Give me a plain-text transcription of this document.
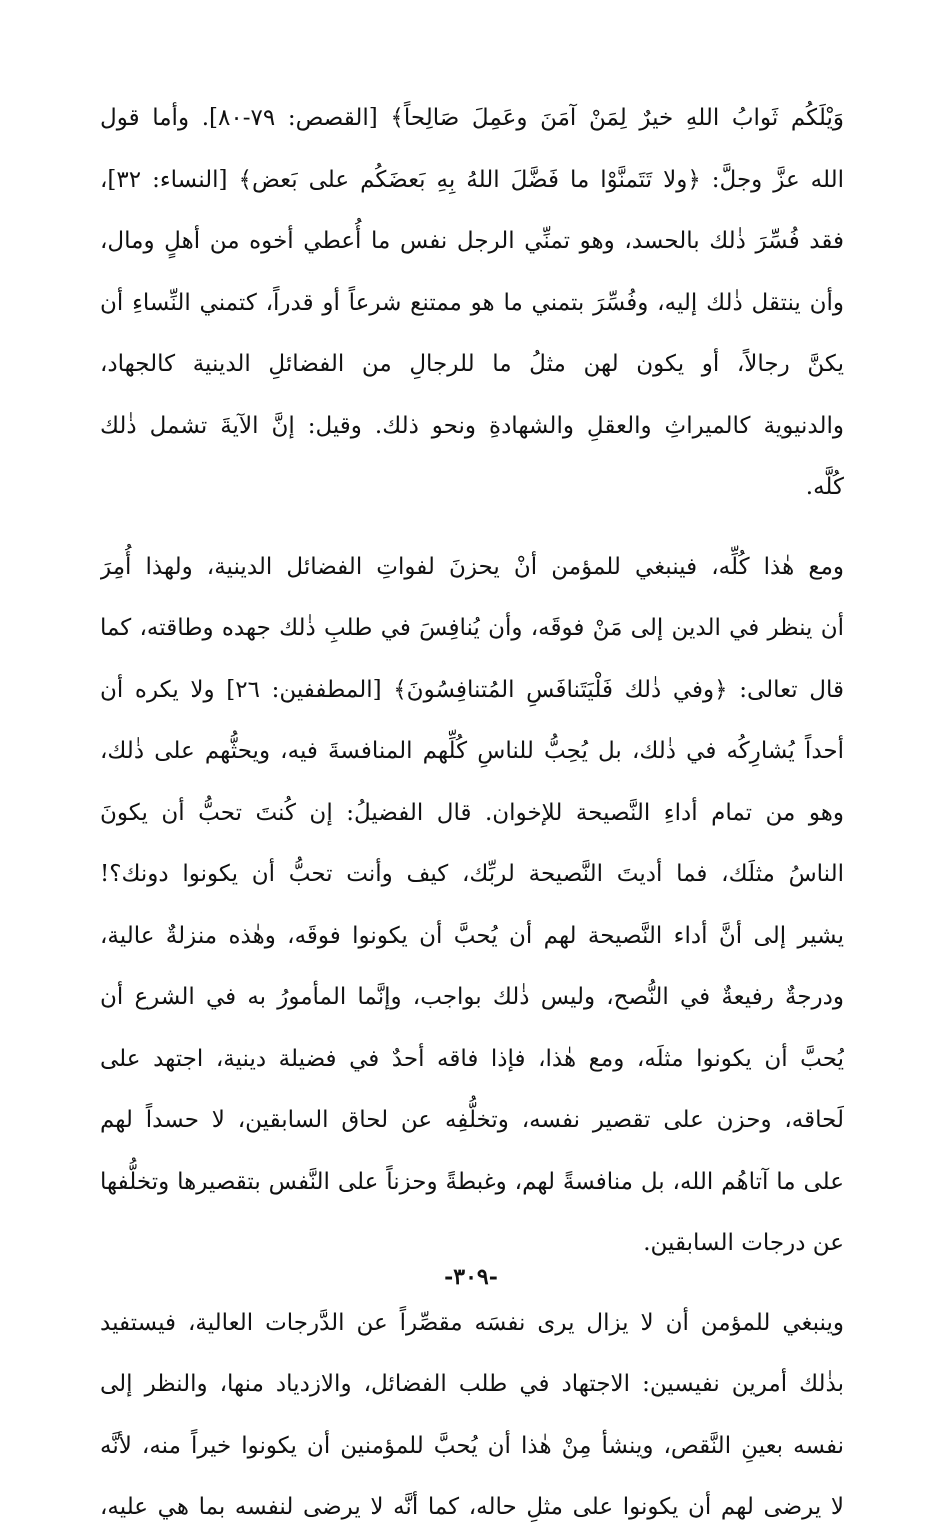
وَيْلَكُم ثَوابُ اللهِ خيرٌ لِمَنْ آمَنَ وعَمِلَ صَالِحاً﴾ [القصص: ٧٩-٨٠]. وأما قول
الله عزَّ وجلَّ: ﴿ولا تَتَمنَّوْا ما فَضَّلَ اللهُ بِهِ بَعضَكُم على بَعض﴾ [النساء: ٣٢]،
فقد فُسِّرَ ذٰلك بالحسد، وهو تمنِّي الرجل نفس ما أُعطي أخوه من أهلٍ ومال،
وأن ينتقل ذٰلك إليه، وفُسِّرَ بتمني ما هو ممتنع شرعاً أو قدراً، كتمني النِّساءِ أن
يكنَّ رجالاً، أو يكون لهن مثلُ ما للرجالِ من الفضائلِ الدينية كالجهاد،
والدنيوية كالميراثِ والعقلِ والشهادةِ ونحو ذلك. وقيل: إنَّ الآيةَ تشمل ذٰلك
كُلَّه.
ومع هٰذا كُلِّه، فينبغي للمؤمن أنْ يحزنَ لفواتِ الفضائل الدينية، ولهذا أُمِرَ
أن ينظر في الدين إلى مَنْ فوقَه، وأن يُنافِسَ في طلبِ ذٰلك جهده وطاقته، كما
قال تعالى: ﴿وفي ذٰلك فَلْيَتَنافَسِ المُتنافِسُونَ﴾ [المطففين: ٢٦] ولا يكره أن
أحداً يُشارِكُه في ذٰلك، بل يُحِبُّ للناسِ كُلِّهم المنافسةَ فيه، ويحثُّهم على ذٰلك،
وهو من تمام أداءِ النَّصيحة للإخوان. قال الفضيلُ: إن كُنتَ تحبُّ أن يكونَ
الناسُ مثلَك، فما أديتَ النَّصيحة لربِّك، كيف وأنت تحبُّ أن يكونوا دونك؟!
يشير إلى أنَّ أداء النَّصيحة لهم أن يُحبَّ أن يكونوا فوقَه، وهٰذه منزلةٌ عالية،
ودرجةٌ رفيعةٌ في النُّصح، وليس ذٰلك بواجب، وإنَّما المأمورُ به في الشرع أن
يُحبَّ أن يكونوا مثلَه، ومع هٰذا، فإذا فاقه أحدٌ في فضيلة دينية، اجتهد على
لَحاقه، وحزن على تقصير نفسه، وتخلُّفِه عن لحاق السابقين، لا حسداً لهم
على ما آتاهُم الله، بل منافسةً لهم، وغبطةً وحزناً على النَّفس بتقصيرها وتخلُّفها
عن درجات السابقين.
وينبغي للمؤمن أن لا يزال يرى نفسَه مقصِّراً عن الدَّرجات العالية، فيستفيد
بذٰلك أمرين نفيسين: الاجتهاد في طلب الفضائل، والازدياد منها، والنظر إلى
نفسه بعينِ النَّقص، وينشأ مِنْ هٰذا أن يُحبَّ للمؤمنين أن يكونوا خيراً منه، لأنَّه
لا يرضى لهم أن يكونوا على مثلِ حاله، كما أنَّه لا يرضى لنفسه بما هي عليه،
-٣٠٩-
